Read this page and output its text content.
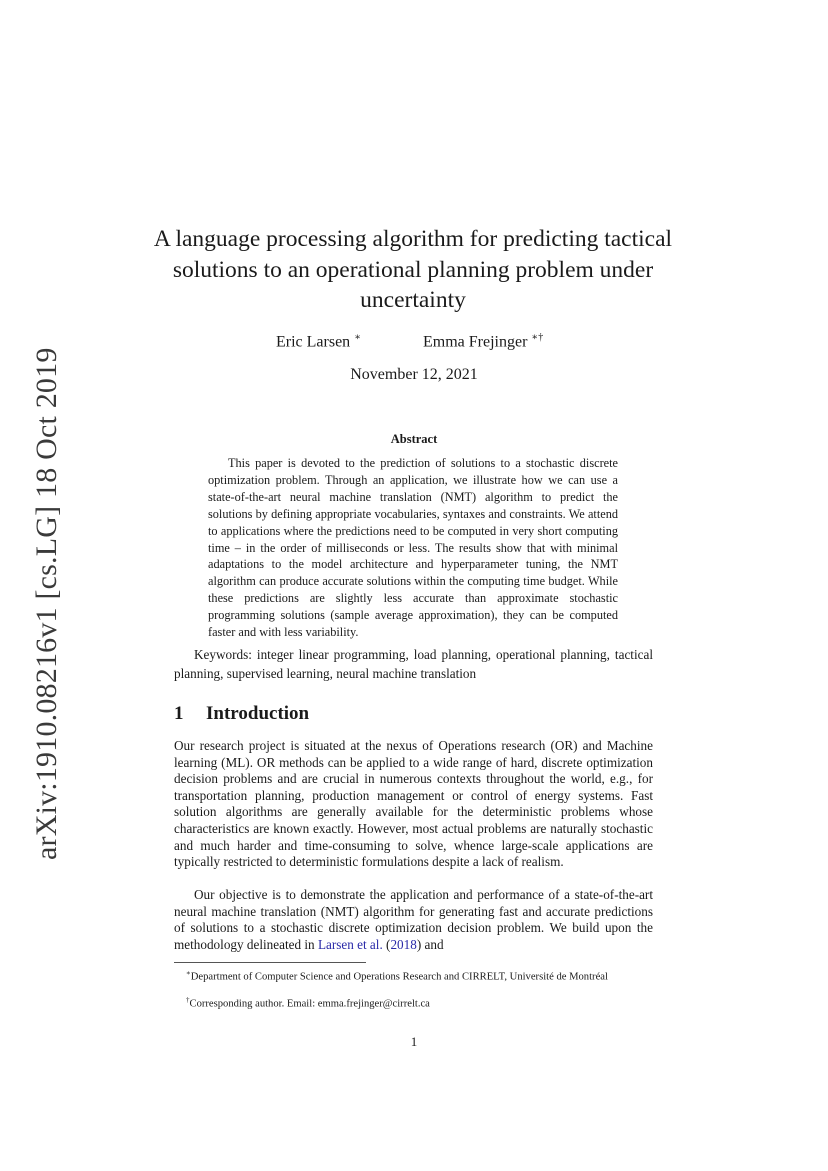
arXiv:1910.08216v1 [cs.LG] 18 Oct 2019
A language processing algorithm for predicting tactical solutions to an operational planning problem under uncertainty
Eric Larsen ∗	Emma Frejinger ∗†
November 12, 2021
Abstract

This paper is devoted to the prediction of solutions to a stochastic discrete optimization problem. Through an application, we illustrate how we can use a state-of-the-art neural machine translation (NMT) algorithm to predict the solutions by defining appropriate vocabularies, syntaxes and constraints. We attend to applications where the predictions need to be computed in very short computing time – in the order of milliseconds or less. The results show that with minimal adaptations to the model architecture and hyperparameter tuning, the NMT algorithm can produce accurate solutions within the computing time budget. While these predictions are slightly less accurate than approximate stochastic programming solutions (sample average approximation), they can be computed faster and with less variability.

Keywords: integer linear programming, load planning, operational planning, tactical planning, supervised learning, neural machine translation

1 Introduction

Our research project is situated at the nexus of Operations research (OR) and Machine learning (ML). OR methods can be applied to a wide range of hard, discrete optimization decision problems and are crucial in numerous contexts throughout the world, e.g., for transportation planning, production management or control of energy systems. Fast solution algorithms are generally available for the deterministic problems whose characteristics are known exactly. However, most actual problems are naturally stochastic and much harder and time-consuming to solve, whence large-scale applications are typically restricted to deterministic formulations despite a lack of realism.

Our objective is to demonstrate the application and performance of a state-of-the-art neural machine translation (NMT) algorithm for generating fast and accurate predictions of solutions to a stochastic discrete optimization decision problem. We build upon the methodology delineated in Larsen et al. (2018) and

∗Department of Computer Science and Operations Research and CIRRELT, Université de Montréal

†Corresponding author. Email: emma.frejinger@cirrelt.ca

1
